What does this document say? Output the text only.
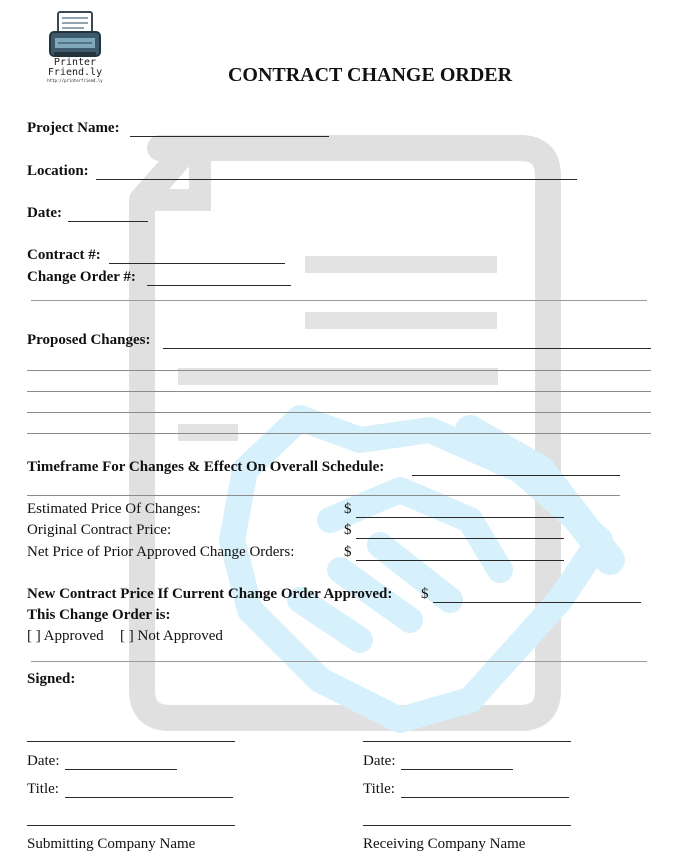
Printer
Friend.ly
http://printerfriend.ly	CONTRACT CHANGE ORDER
Project Name:
Location:
Date:
Contract #:
Change Order #:
Proposed Changes:
Timeframe For Changes & Effect On Overall Schedule:
Estimated Price Of Changes:	$
Original Contract Price:	$
Net Price of Prior Approved Change Orders:	$
New Contract Price If Current Change Order Approved: $
This Change Order is:
[ ] Approved [ ] Not Approved
Signed:
Date:
Title:
Submitting Company Name
Date:
Title:
Receiving Company Name
